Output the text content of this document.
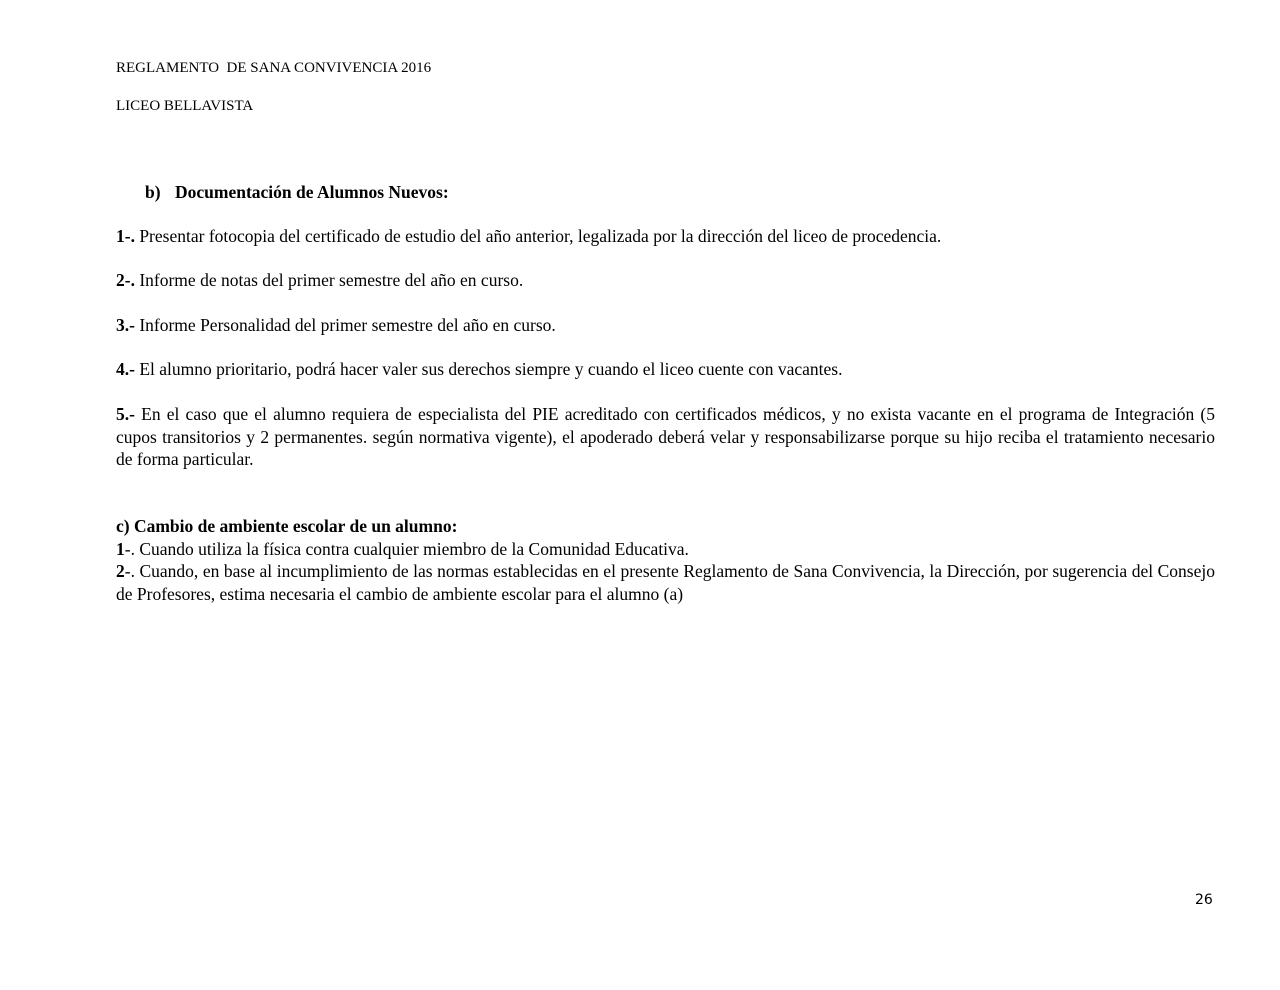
REGLAMENTO  DE SANA CONVIVENCIA 2016
LICEO BELLAVISTA
b) Documentación de Alumnos Nuevos:
1-. Presentar fotocopia del certificado de estudio del año anterior, legalizada por la dirección del liceo de procedencia.
2-. Informe de notas del primer semestre del año en curso.
3.- Informe Personalidad del primer semestre del año en curso.
4.- El alumno prioritario, podrá hacer valer sus derechos siempre y cuando el liceo cuente con vacantes.
5.- En el caso que el alumno requiera de especialista del PIE acreditado con certificados médicos, y no exista vacante en el programa de Integración (5 cupos transitorios y 2 permanentes. según normativa vigente), el apoderado deberá velar y responsabilizarse porque su hijo reciba el tratamiento necesario de forma particular.
c) Cambio de ambiente escolar de un alumno:
1-. Cuando utiliza la física contra cualquier miembro de la Comunidad Educativa.
2-. Cuando, en base al incumplimiento de las normas establecidas en el presente Reglamento de Sana Convivencia, la Dirección, por sugerencia del Consejo de Profesores, estima necesaria el cambio de ambiente escolar para el alumno (a)
26
